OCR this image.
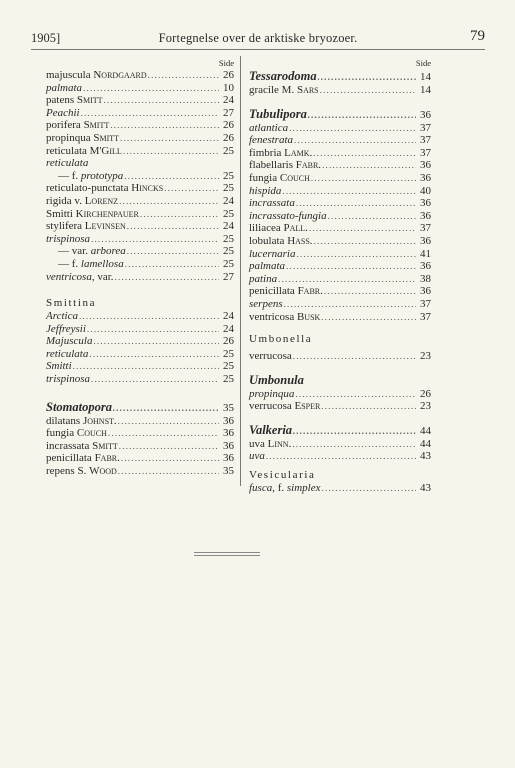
1905]	Fortegnelse over de arktiske bryozoer.	79
Side
majuscula Nordgaard .....	26
palmata .....	10
patens Smitt .....	24
Peachii .....	27
porifera Smitt .....	26
propinqua Smitt .....	26
reticulata M'Gill .....	25
reticulata
— f. prototypa .....	25
reticulato-punctata Hincks .....	25
rigida v. Lorenz .....	24
Smitti Kirchenpauer .....	25
stylifera Levinsen .....	24
trispinosa .....	25
— var. arborea .....	25
— f. lamellosa .....	25
ventricosa, var. .....	27
Smittina
Arctica .....	24
Jeffreysii .....	24
Majuscula .....	26
reticulata .....	25
Smitti .....	25
trispinosa .....	25
Stomatopora .....	35
dilatans Johnst. .....	36
fungia Couch .....	36
incrassata Smitt .....	36
penicillata Fabr. .....	36
repens S. Wood .....	35
Side
Tessarodoma .....	14
gracile M. Sars .....	14
Tubulipora .....	36
atlantica .....	37
fenestrata .....	37
fimbria Lamk. .....	37
flabellaris Fabr. .....	36
fungia Couch .....	36
hispida .....	40
incrassata .....	36
incrassato-fungia .....	36
liliacea Pall. .....	37
lobulata Hass. .....	36
lucernaria .....	41
palmata .....	36
patina .....	38
penicillata Fabr. .....	36
serpens .....	37
ventricosa Busk .....	37
Umbonella
verrucosa .....	23
Umbonula
propinqua .....	26
verrucosa Esper .....	23
Valkeria .....	44
uva Linn. .....	44
uva .....	43
Vesicularia
fusca, f. simplex .....	43
